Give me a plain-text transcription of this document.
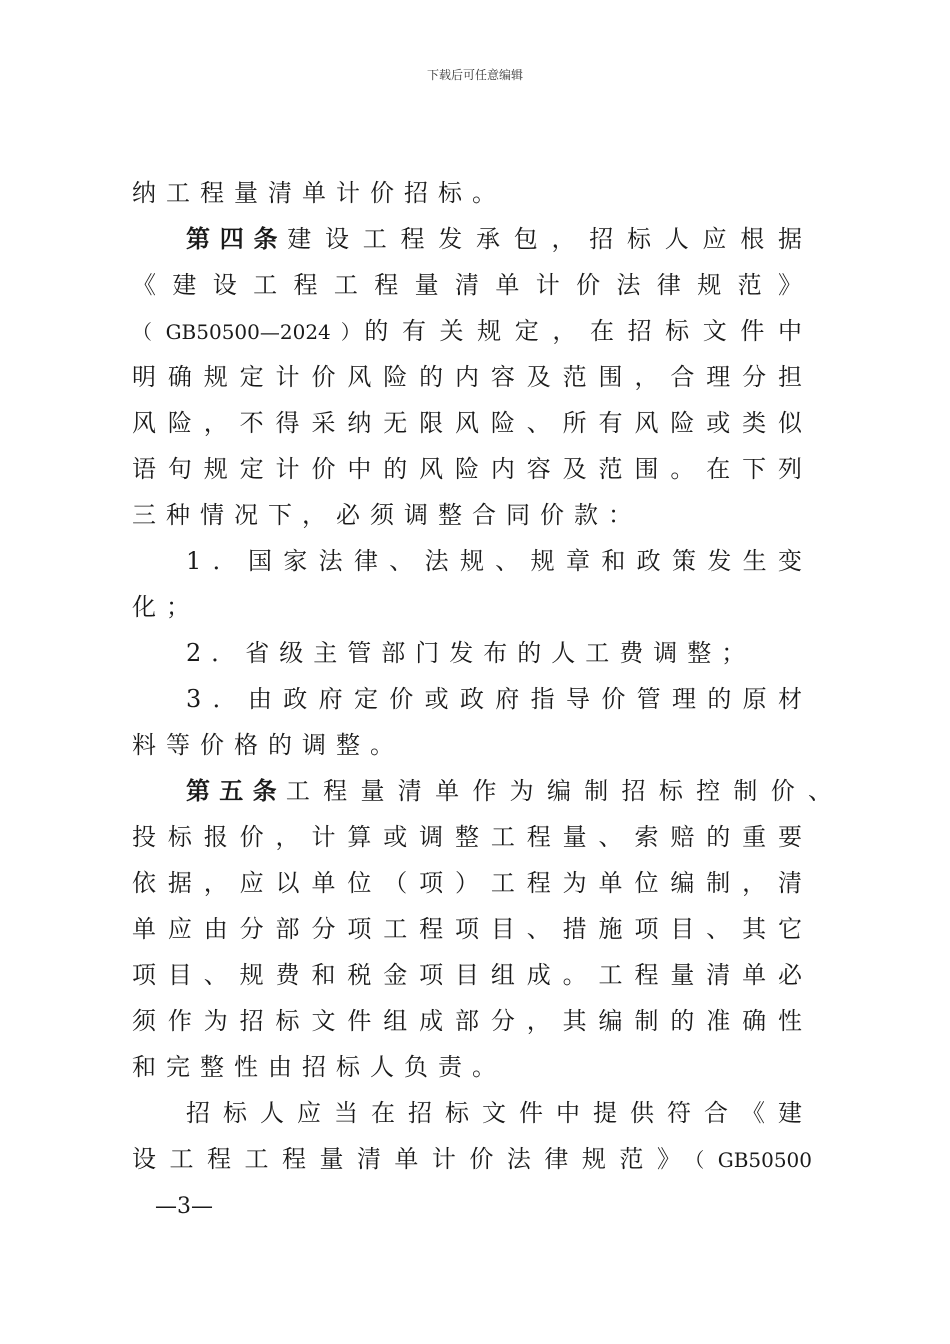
下载后可任意编辑
纳工程量清单计价招标。
第四条建设工程发承包，招标人应根据
《建设工程工程量清单计价法律规范》
（ GB50500—2024 ）的有关规定，在招标文件中
明确规定计价风险的内容及范围，合理分担
风险，不得采纳无限风险、所有风险或类似
语句规定计价中的风险内容及范围。在下列
三种情况下，必须调整合同价款：
1．国家法律、法规、规章和政策发生变
化；
2．省级主管部门发布的人工费调整；
3．由政府定价或政府指导价管理的原材
料等价格的调整。
第五条工程量清单作为编制招标控制价、
投标报价，计算或调整工程量、索赔的重要
依据，应以单位（项）工程为单位编制，清
单应由分部分项工程项目、措施项目、其它
项目、规费和税金项目组成。工程量清单必
须作为招标文件组成部分，其编制的准确性
和完整性由招标人负责。
招标人应当在招标文件中提供符合《建
设工程工程量清单计价法律规范》（ GB50500
—3—
